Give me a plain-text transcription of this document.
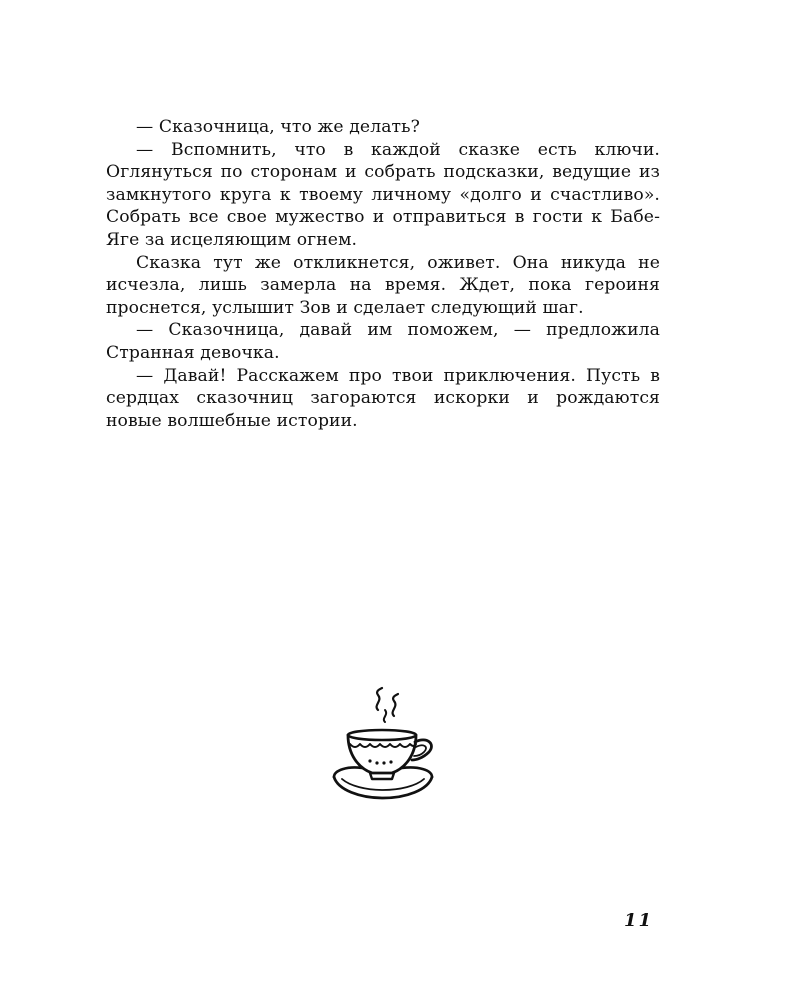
— Сказочница, что же делать?

— Вспомнить, что в каждой сказке есть ключи. Оглянуться по сторонам и собрать подсказки, ведущие из замкнутого круга к твоему личному «долго и счастливо». Собрать все свое мужество и отправиться в гости к Бабе-Яге за исцеляющим огнем.

Сказка тут же откликнется, оживет. Она никуда не исчезла, лишь замерла на время. Ждет, пока героиня проснется, услышит Зов и сделает следующий шаг.

— Сказочница, давай им поможем, — предложила Странная девочка.

— Давай! Расскажем про твои приключения. Пусть в сердцах сказочниц загораются искорки и рождаются новые волшебные истории.

11
